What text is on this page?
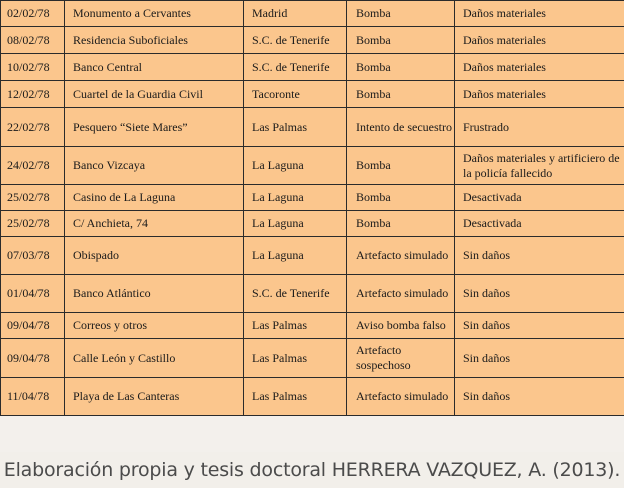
02/02/78	Monumento a Cervantes	Madrid	Bomba	Daños materiales
08/02/78	Residencia Suboficiales	S.C. de Tenerife	Bomba	Daños materiales
10/02/78	Banco Central	S.C. de Tenerife	Bomba	Daños materiales
12/02/78	Cuartel de la Guardia Civil	Tacoronte	Bomba	Daños materiales
22/02/78	Pesquero “Siete Mares”	Las Palmas	Intento de secuestro	Frustrado
24/02/78	Banco Vizcaya	La Laguna	Bomba	Daños materiales y artificiero de la policía fallecido
25/02/78	Casino de La Laguna	La Laguna	Bomba	Desactivada
25/02/78	C/ Anchieta, 74	La Laguna	Bomba	Desactivada
07/03/78	Obispado	La Laguna	Artefacto simulado	Sin daños
01/04/78	Banco Atlántico	S.C. de Tenerife	Artefacto simulado	Sin daños
09/04/78	Correos y otros	Las Palmas	Aviso bomba falso	Sin daños
09/04/78	Calle León y Castillo	Las Palmas	Artefacto sospechoso	Sin daños
11/04/78	Playa de Las Canteras	Las Palmas	Artefacto simulado	Sin daños
Elaboración propia y tesis doctoral HERRERA VAZQUEZ, A. (2013).
